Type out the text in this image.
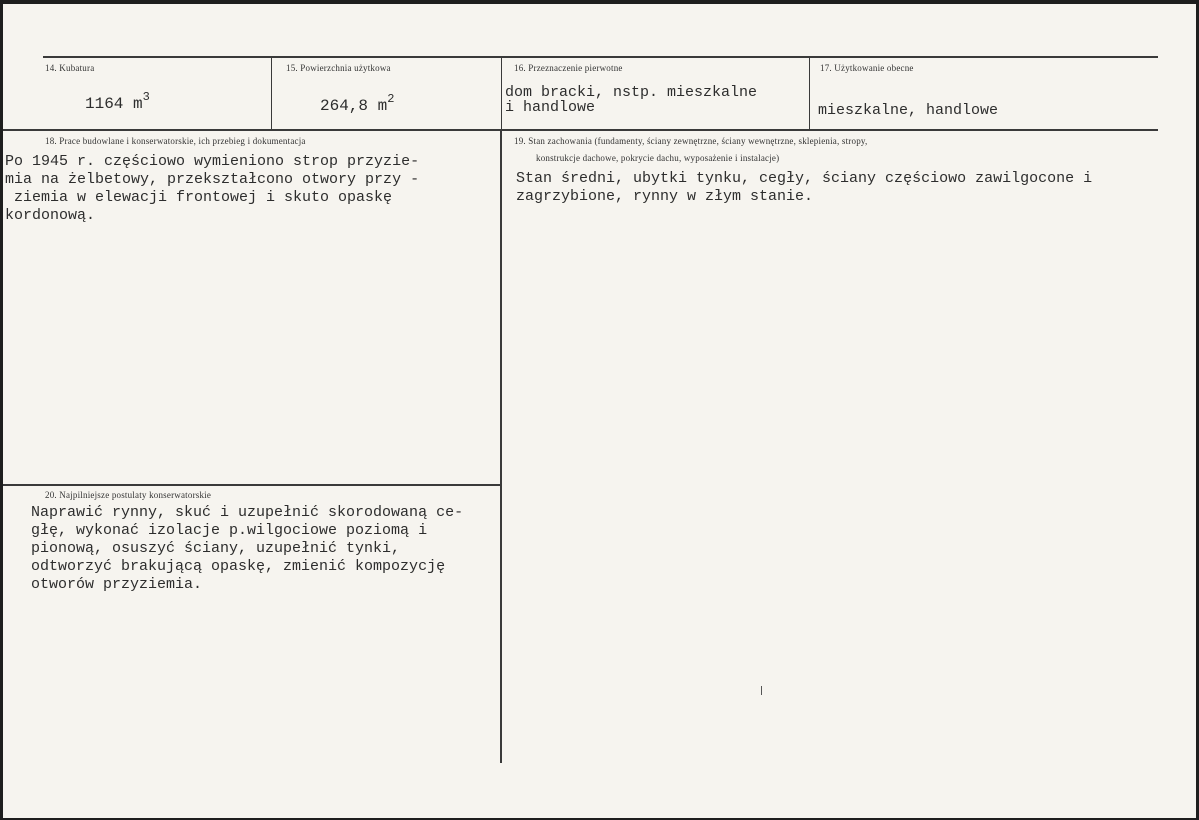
14. Kubatura
1164 $m^3$
15. Powierzchnia użytkowa
264,8 $m^2$
16. Przeznaczenie pierwotne
dom bracki, nstp. mieszkalne
i handlowe
17. Użytkowanie obecne
mieszkalne, handlowe
18. Prace budowlane i konserwatorskie, ich przebieg i dokumentacja
Po 1945 r. częściowo wymieniono strop przyzie-
mia na żelbetowy, przekształcono otwory przy -
ziemia w elewacji frontowej i skuto opaskę
kordonową.
19. Stan zachowania (fundamenty, ściany zewnętrzne, ściany wewnętrzne, sklepienia, stropy,
konstrukcje dachowe, pokrycie dachu, wyposażenie i instalacje)
Stan średni, ubytki tynku, cegły, ściany częściowo zawilgocone i
zagrzybione, rynny w złym stanie.
20. Najpilniejsze postulaty konserwatorskie
Naprawić rynny, skuć i uzupełnić skorodowaną ce-
głę, wykonać izolacje p.wilgociowe poziomą i
pionową, osuszyć ściany, uzupełnić tynki,
odtworzyć brakującą opaskę, zmienić kompozycję
otworów przyziemia.
